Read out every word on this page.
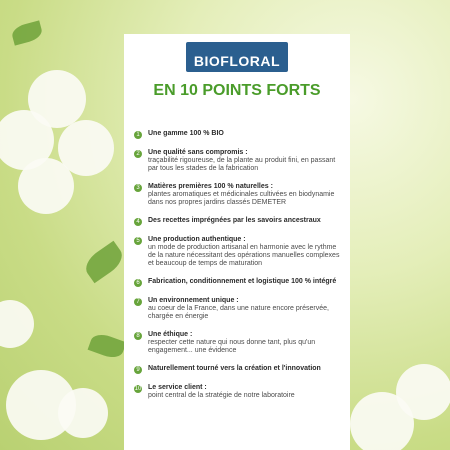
BIOFLORAL
EN 10 POINTS FORTS
1	Une gamme 100 % BIO
2	Une qualité sans compromis :
traçabilité rigoureuse, de la plante au produit fini, en passant par tous les stades de la fabrication
3	Matières premières 100 % naturelles :
plantes aromatiques et médicinales cultivées en biodynamie dans nos propres jardins classés DEMETER
4	Des recettes imprégnées par les savoirs ancestraux
5	Une production authentique :
un mode de production artisanal en harmonie avec le rythme de la nature nécessitant des opérations manuelles complexes et beaucoup de temps de maturation
6	Fabrication, conditionnement et logistique 100 % intégré
7	Un environnement unique :
au coeur de la France, dans une nature encore préservée, chargée en énergie
8	Une éthique :
respecter cette nature qui nous donne tant, plus qu'un engagement... une évidence
9	Naturellement tourné vers la création et l'innovation
10 Le service client :
point central de la stratégie de notre laboratoire
